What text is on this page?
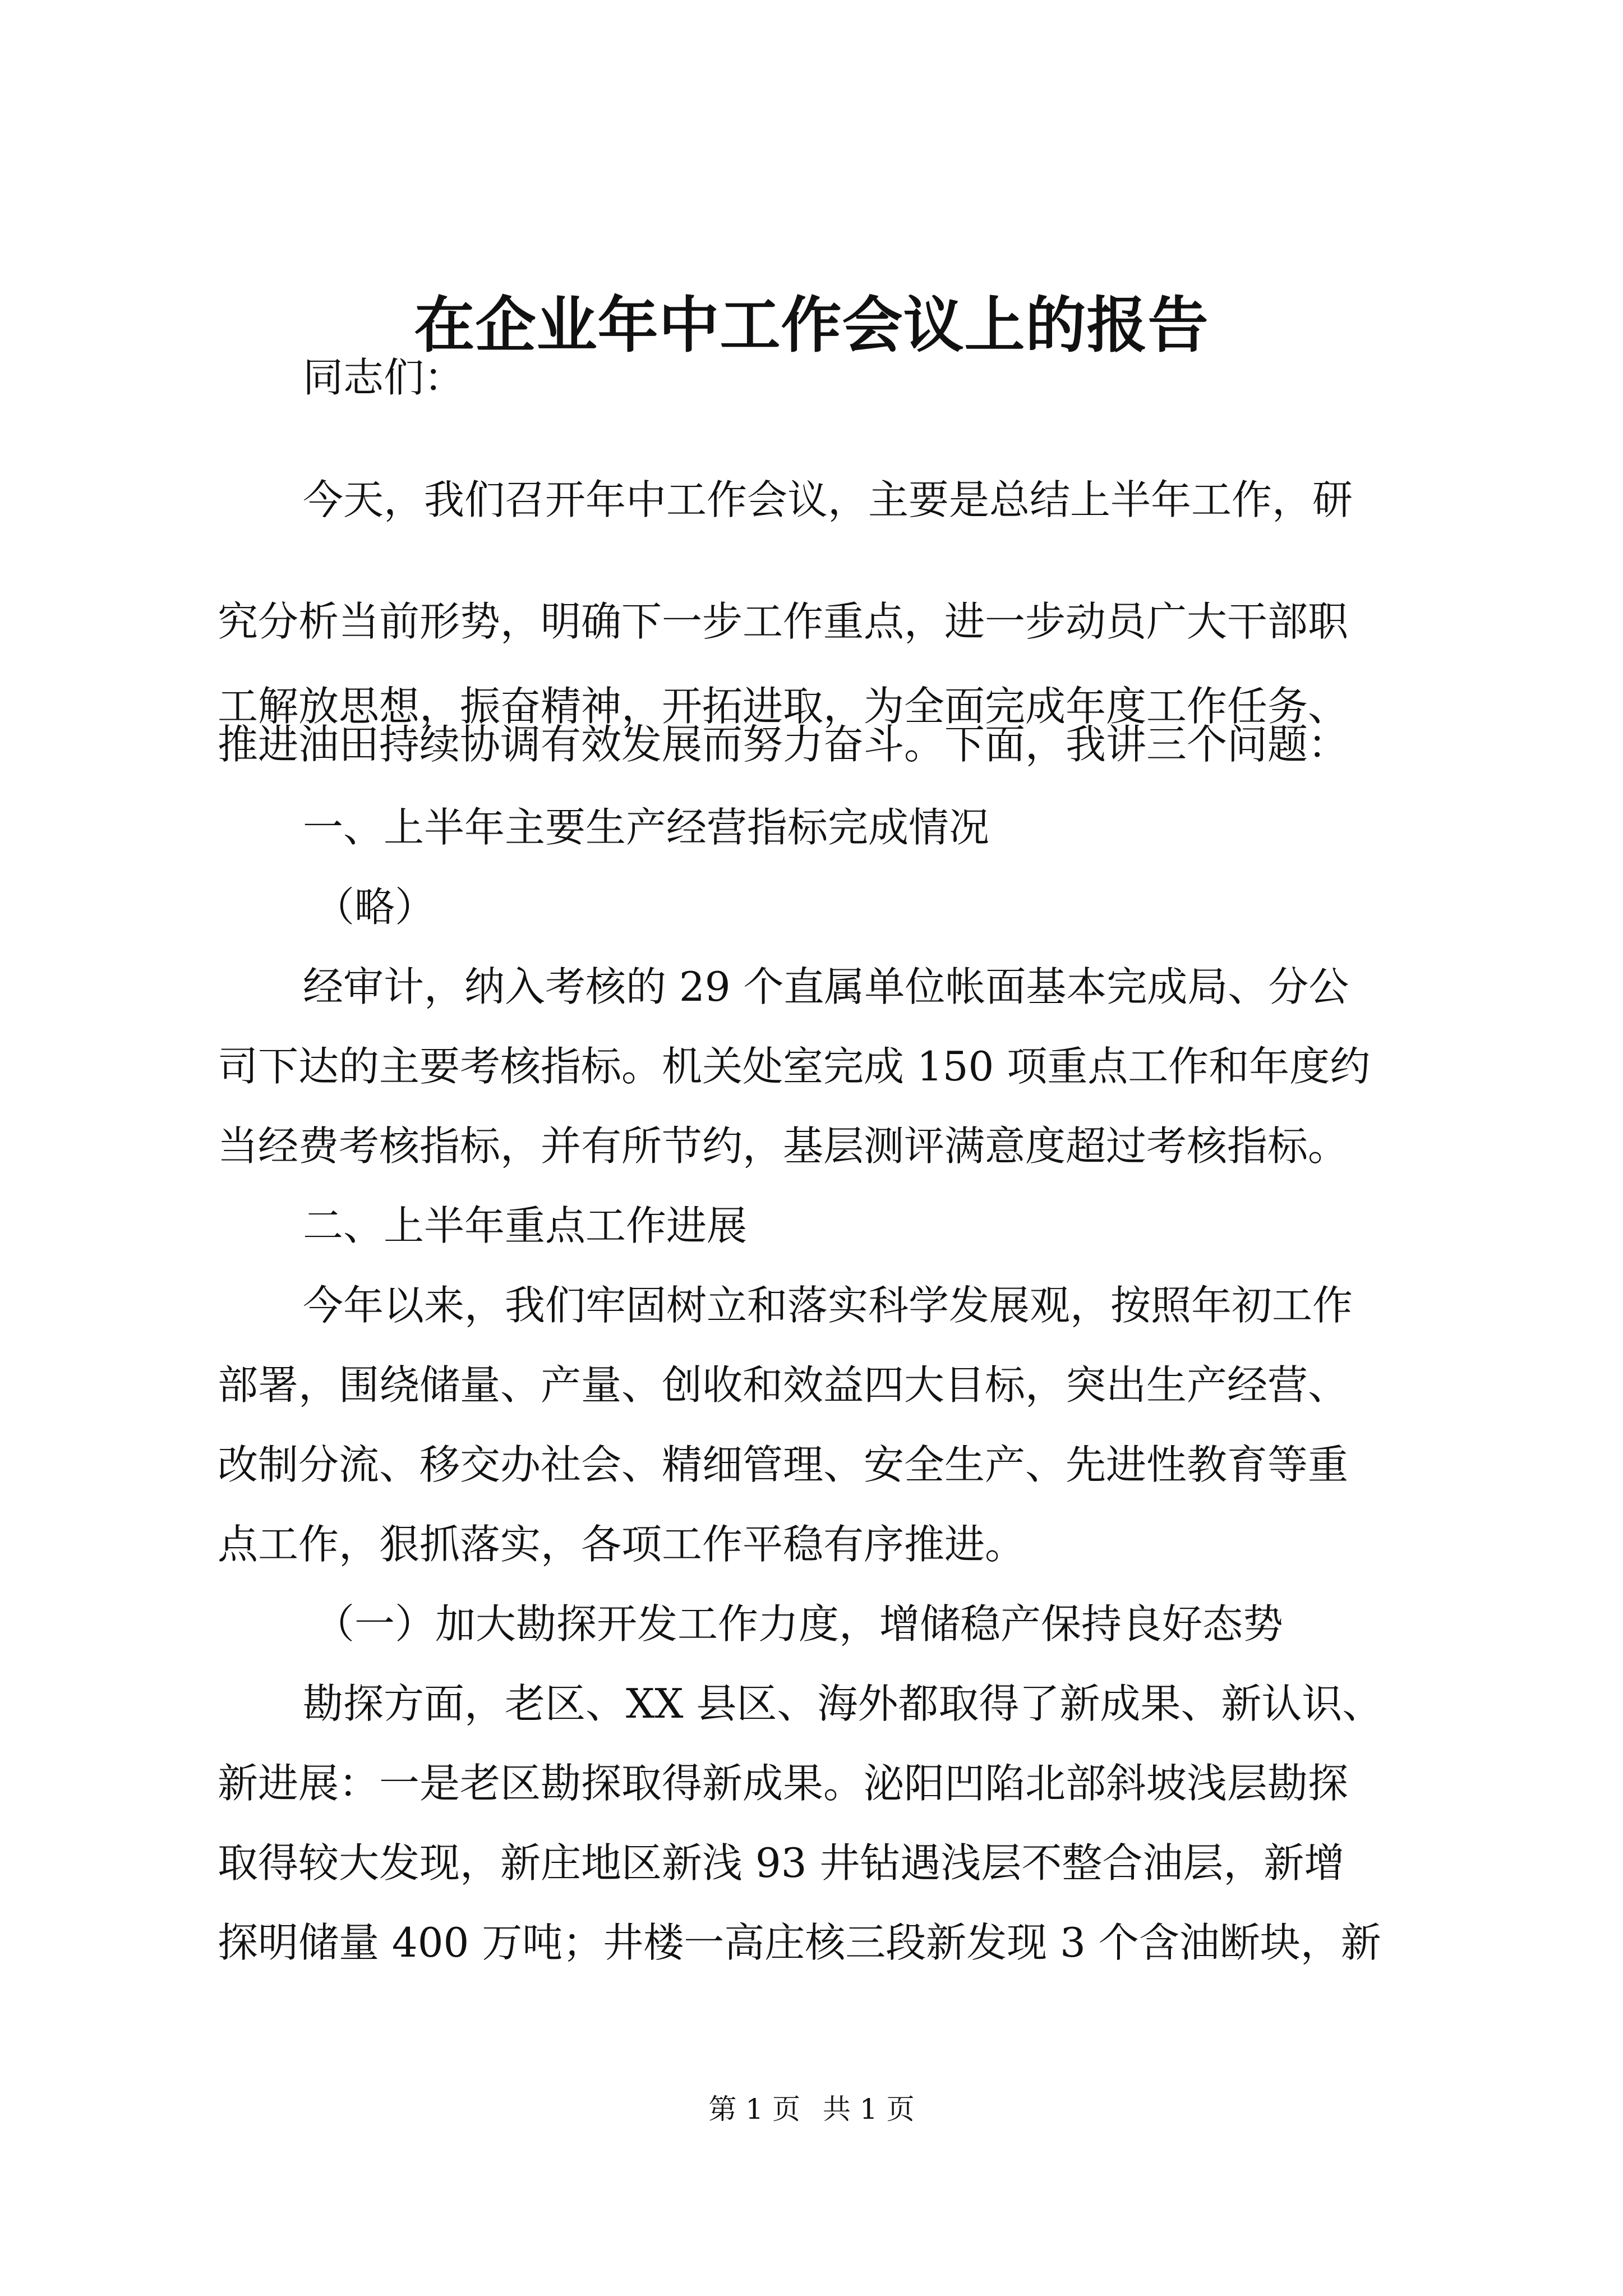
在企业年中工作会议上的报告
同志们：
今天，我们召开年中工作会议，主要是总结上半年工作，研
究分析当前形势，明确下一步工作重点，进一步动员广大干部职
工解放思想，振奋精神，开拓进取，为全面完成年度工作任务、
推进油田持续协调有效发展而努力奋斗。下面，我讲三个问题：
一、上半年主要生产经营指标完成情况
（略）
经审计，纳入考核的 29 个直属单位帐面基本完成局、分公
司下达的主要考核指标。机关处室完成 150 项重点工作和年度约
当经费考核指标，并有所节约，基层测评满意度超过考核指标。
二、上半年重点工作进展
今年以来，我们牢固树立和落实科学发展观，按照年初工作
部署，围绕储量、产量、创收和效益四大目标，突出生产经营、
改制分流、移交办社会、精细管理、安全生产、先进性教育等重
点工作，狠抓落实，各项工作平稳有序推进。
（一）加大勘探开发工作力度，增储稳产保持良好态势
勘探方面，老区、XX 县区、海外都取得了新成果、新认识、
新进展：一是老区勘探取得新成果。泌阳凹陷北部斜坡浅层勘探
取得较大发现，新庄地区新浅 93 井钻遇浅层不整合油层，新增
探明储量 400 万吨；井楼一高庄核三段新发现 3 个含油断块，新
第 1 页 共 1 页
